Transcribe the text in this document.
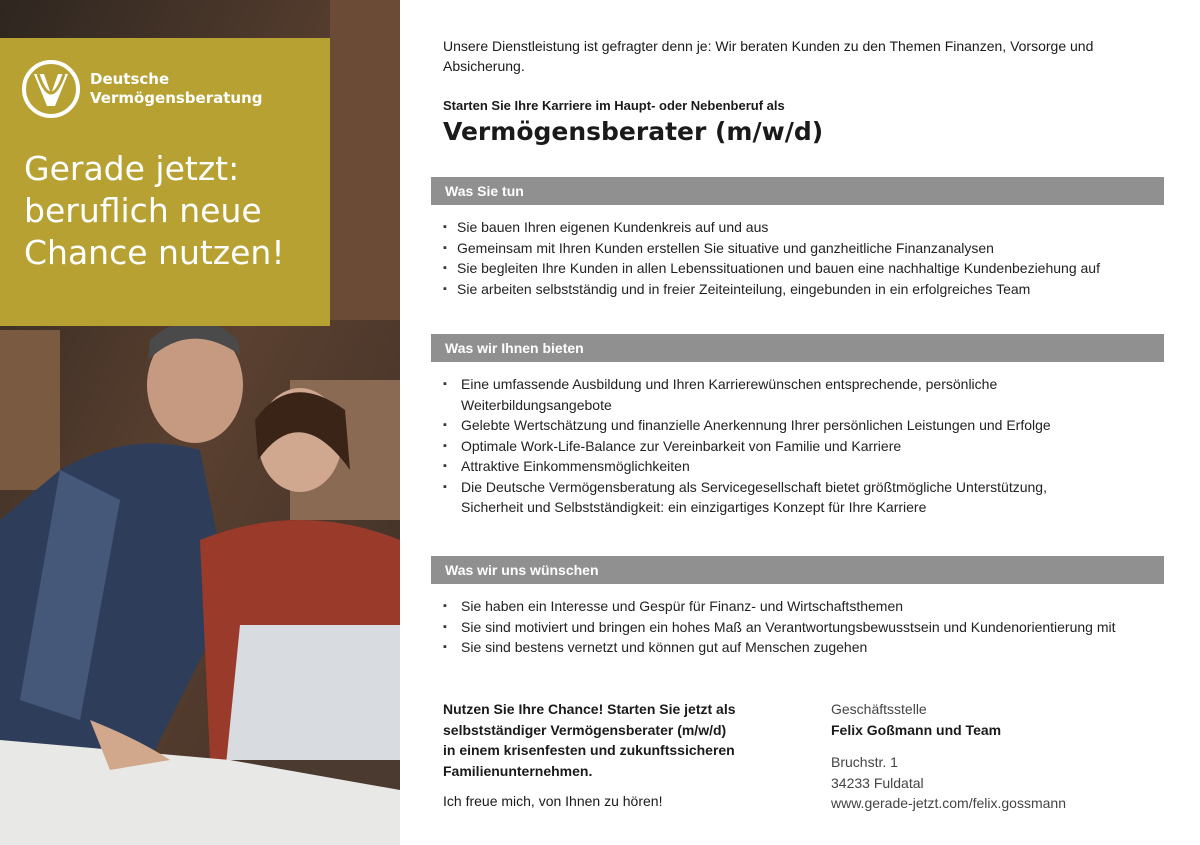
Deutsche
Vermögensberatung
Gerade jetzt:
beruflich neue
Chance nutzen!
Unsere Dienstleistung ist gefragter denn je: Wir beraten Kunden zu den Themen Finanzen, Vorsorge und Absicherung.
Starten Sie Ihre Karriere im Haupt- oder Nebenberuf als
Vermögensberater (m/w/d)
Was Sie tun
▪ Sie bauen Ihren eigenen Kundenkreis auf und aus
▪ Gemeinsam mit Ihren Kunden erstellen Sie situative und ganzheitliche Finanzanalysen
▪ Sie begleiten Ihre Kunden in allen Lebenssituationen und bauen eine nachhaltige Kundenbeziehung auf
▪ Sie arbeiten selbstständig und in freier Zeiteinteilung, eingebunden in ein erfolgreiches Team
Was wir Ihnen bieten
▪ Eine umfassende Ausbildung und Ihren Karrierewünschen entsprechende, persönliche Weiterbildungsangebote
▪ Gelebte Wertschätzung und finanzielle Anerkennung Ihrer persönlichen Leistungen und Erfolge
▪ Optimale Work-Life-Balance zur Vereinbarkeit von Familie und Karriere
▪ Attraktive Einkommensmöglichkeiten
▪ Die Deutsche Vermögensberatung als Servicegesellschaft bietet größtmögliche Unterstützung, Sicherheit und Selbstständigkeit: ein einzigartiges Konzept für Ihre Karriere
Was wir uns wünschen
▪ Sie haben ein Interesse und Gespür für Finanz- und Wirtschaftsthemen
▪ Sie sind motiviert und bringen ein hohes Maß an Verantwortungsbewusstsein und Kundenorientierung mit
▪ Sie sind bestens vernetzt und können gut auf Menschen zugehen
Nutzen Sie Ihre Chance! Starten Sie jetzt als
selbstständiger Vermögensberater (m/w/d)
in einem krisenfesten und zukunftssicheren
Familienunternehmen.
Ich freue mich, von Ihnen zu hören!
Geschäftsstelle
Felix Goßmann und Team
Bruchstr. 1
34233 Fuldatal
www.gerade-jetzt.com/felix.gossmann
